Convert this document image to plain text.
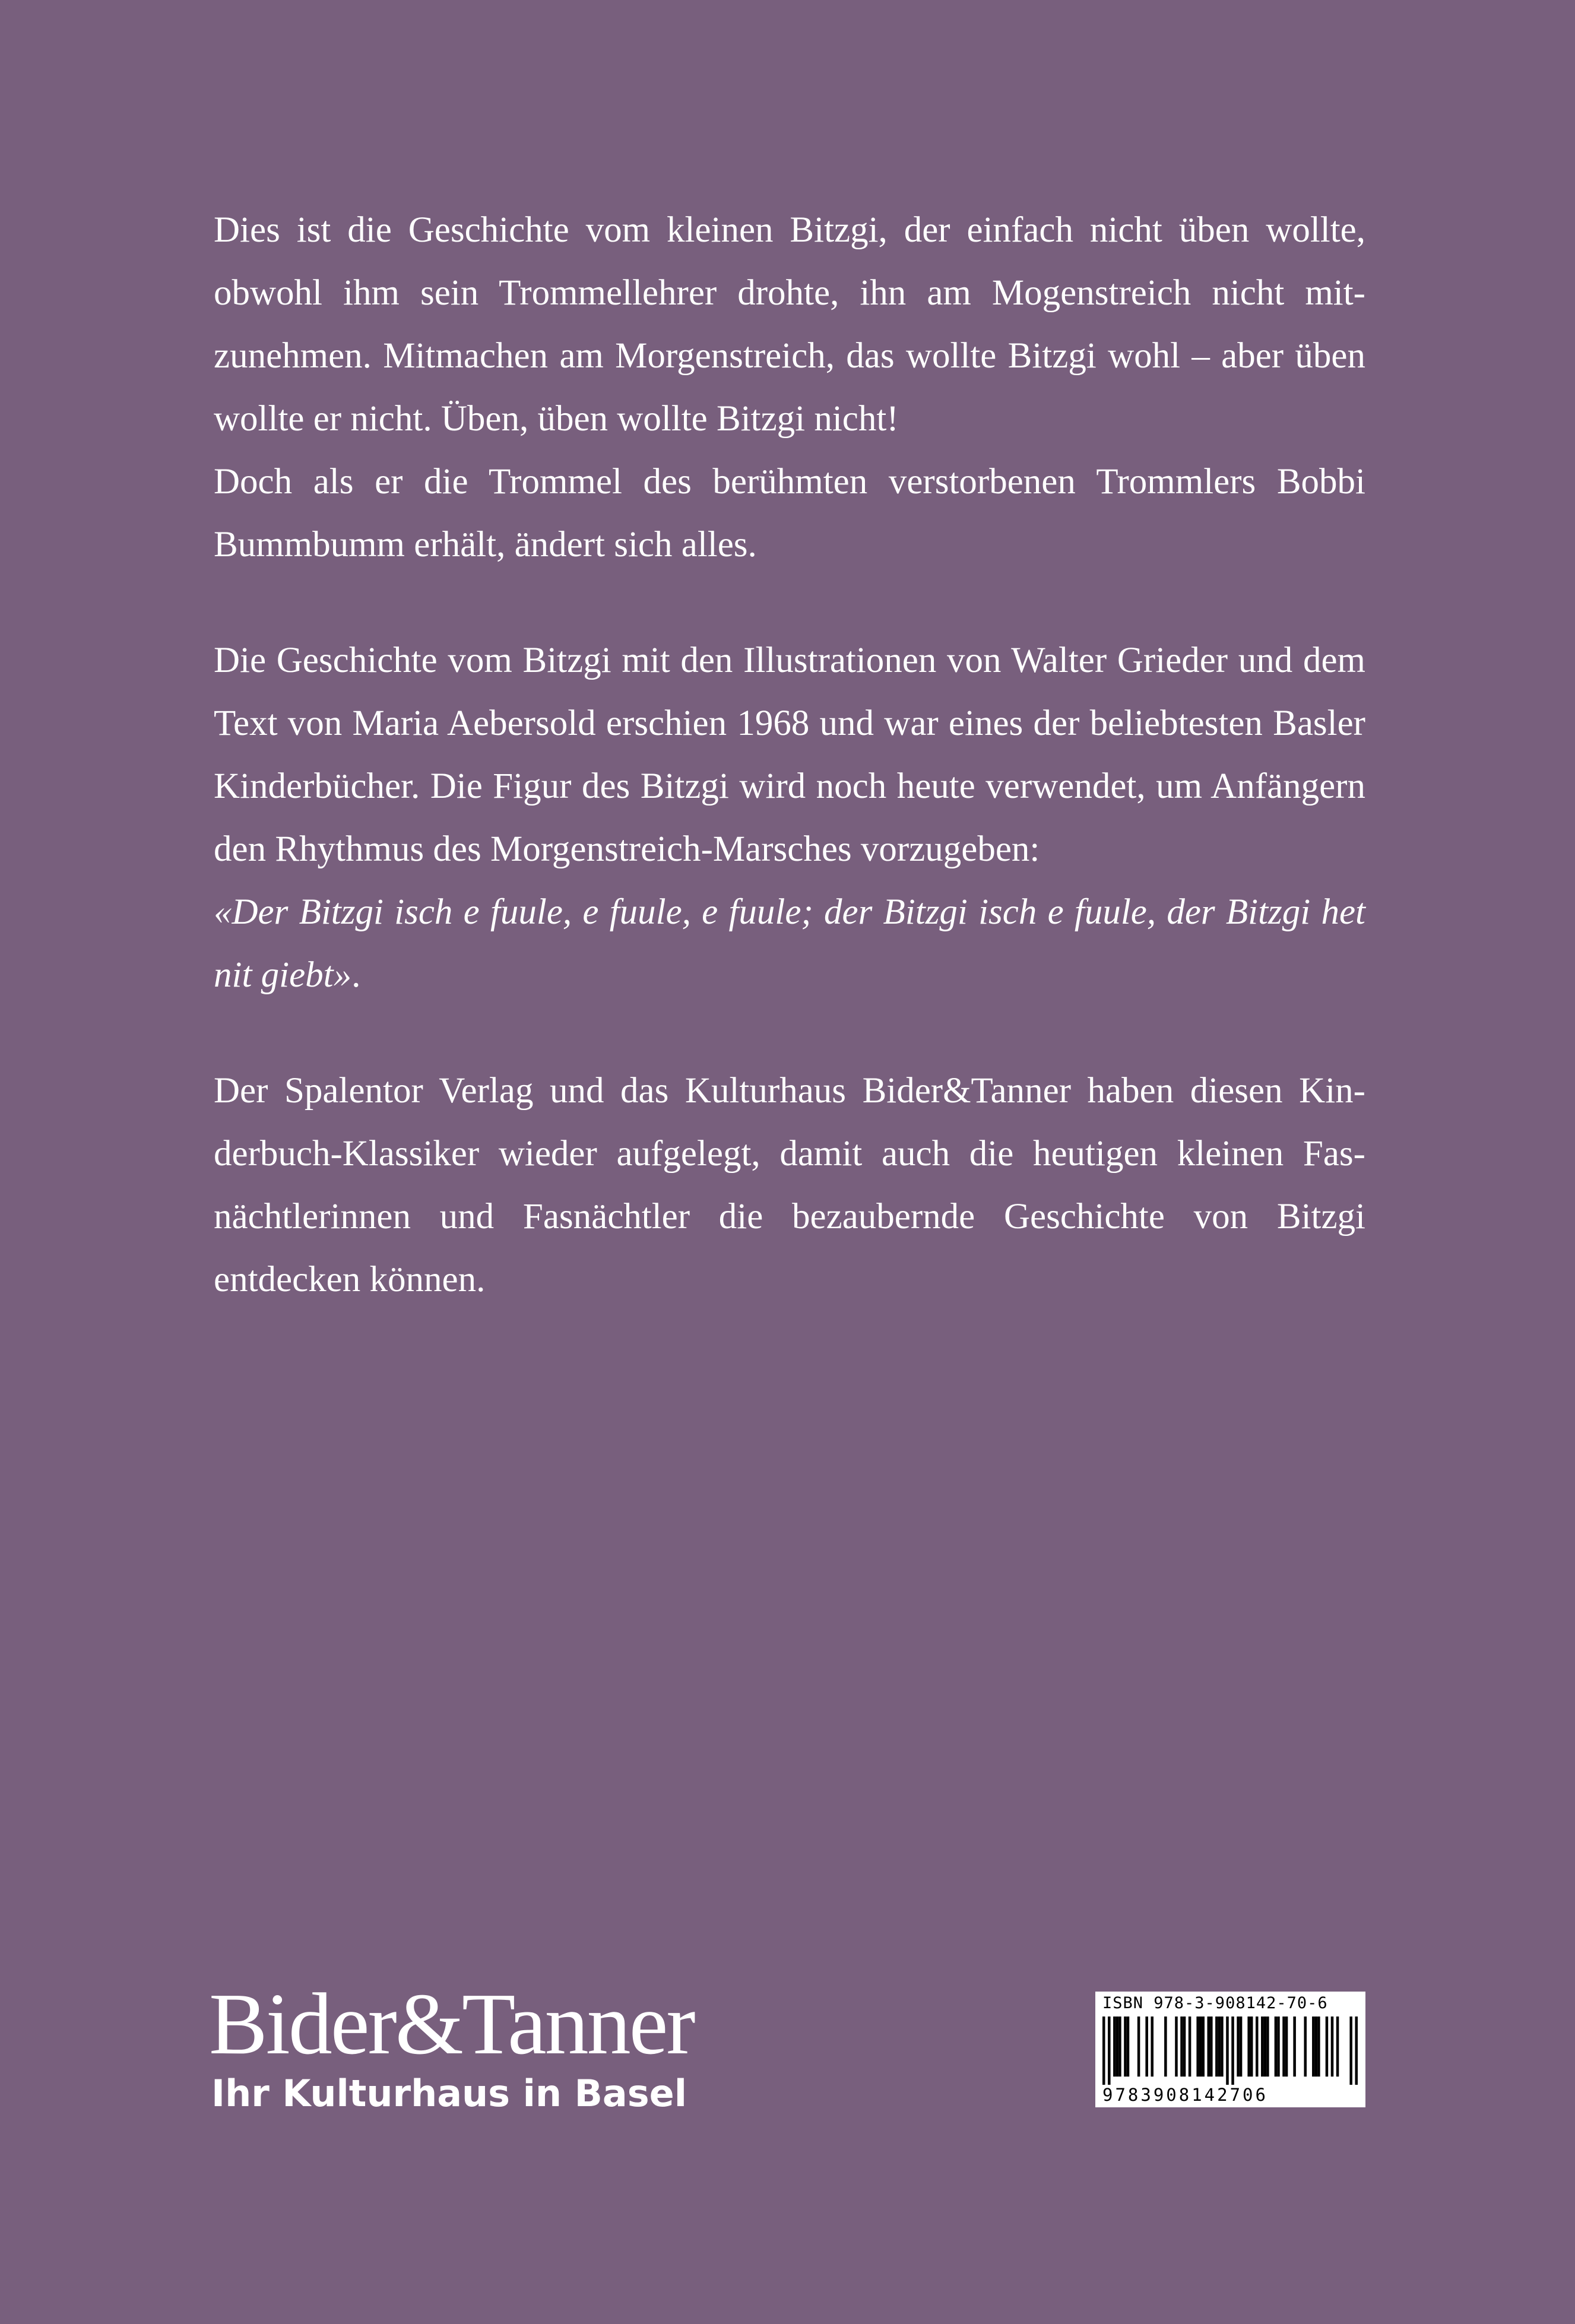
Dies ist die Geschichte vom kleinen Bitzgi, der einfach nicht üben wollte, obwohl ihm sein Trommellehrer drohte, ihn am Mogenstreich nicht mitzunehmen. Mitmachen am Morgenstreich, das wollte Bitzgi wohl – aber üben wollte er nicht. Üben, üben wollte Bitzgi nicht!

Doch als er die Trommel des berühmten verstorbenen Trommlers Bobbi Bummbumm erhält, ändert sich alles.

Die Geschichte vom Bitzgi mit den Illustrationen von Walter Grieder und dem Text von Maria Aebersold erschien 1968 und war eines der beliebtesten Basler Kinderbücher. Die Figur des Bitzgi wird noch heute verwendet, um Anfängern den Rhythmus des Morgenstreich-Marsches vorzugeben:
«Der Bitzgi isch e fuule, e fuule, e fuule; der Bitzgi isch e fuule, der Bitzgi het nit giebt».

Der Spalentor Verlag und das Kulturhaus Bider&Tanner haben diesen Kinderbuch-Klassiker wieder aufgelegt, damit auch die heutigen kleinen Fasnächtlerinnen und Fasnächtler die bezaubernde Geschichte von Bitzgi entdecken können.

Bider&Tanner
Ihr Kulturhaus in Basel
ISBN 978-3-908142-70-6
9783908142706
